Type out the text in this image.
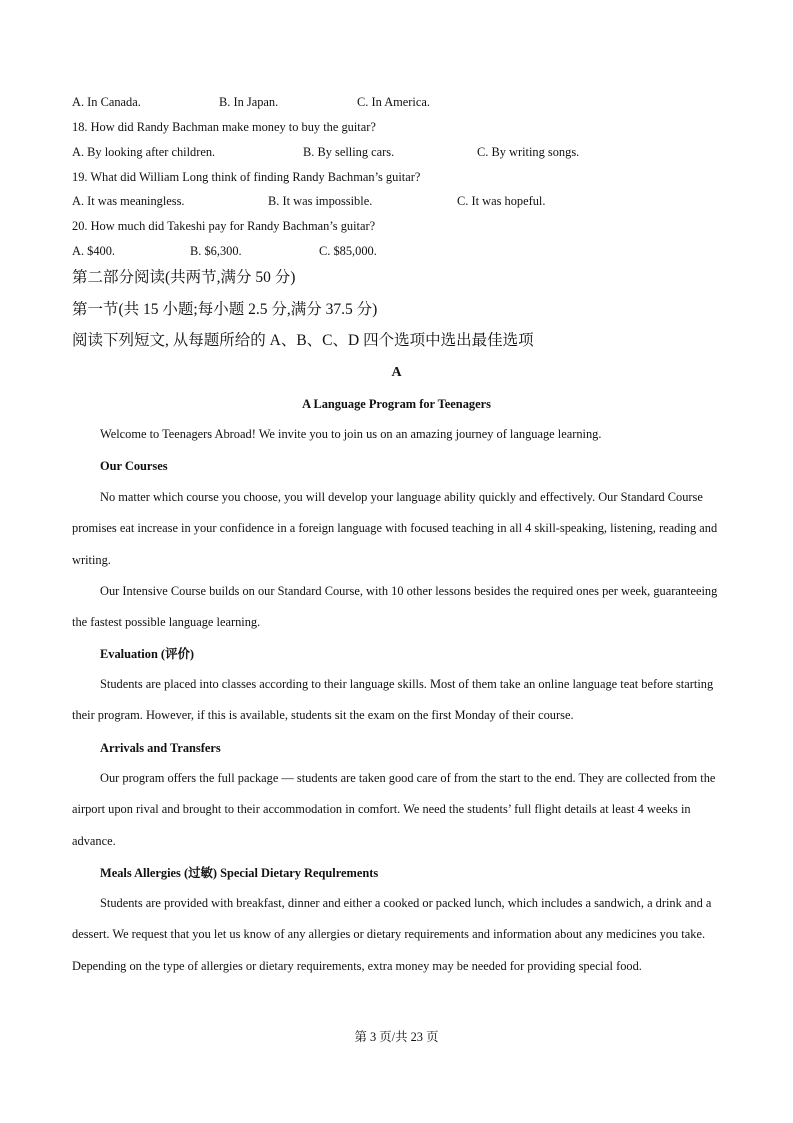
A. In Canada.	B. In Japan.	C. In America.
18. How did Randy Bachman make money to buy the guitar?
A. By looking after children.	B. By selling cars.	C. By writing songs.
19. What did William Long think of finding Randy Bachman’s guitar?
A. It was meaningless.	B. It was impossible.	C. It was hopeful.
20. How much did Takeshi pay for Randy Bachman’s guitar?
A. $400.	B. $6,300.	C. $85,000.
第二部分阅读(共两节,满分 50 分)
第一节(共 15 小题;每小题 2.5 分,满分 37.5 分)
阅读下列短文, 从每题所给的 A、B、C、D 四个选项中选出最佳选项
A
A Language Program for Teenagers

Welcome to Teenagers Abroad! We invite you to join us on an amazing journey of language learning.

Our Courses

No matter which course you choose, you will develop your language ability quickly and effectively. Our Standard Course promises eat increase in your confidence in a foreign language with focused teaching in all 4 skill-speaking, listening, reading and writing.

Our Intensive Course builds on our Standard Course, with 10 other lessons besides the required ones per week, guaranteeing the fastest possible language learning.

Evaluation (评价)

Students are placed into classes according to their language skills. Most of them take an online language teat before starting their program. However, if this is available, students sit the exam on the first Monday of their course.

Arrivals and Transfers

Our program offers the full package — students are taken good care of from the start to the end. They are collected from the airport upon rival and brought to their accommodation in comfort. We need the students’ full flight details at least 4 weeks in advance.

Meals Allergies (过敏) Special Dietary Requlrements

Students are provided with breakfast, dinner and either a cooked or packed lunch, which includes a sandwich, a drink and a dessert. We request that you let us know of any allergies or dietary requirements and information about any medicines you take. Depending on the type of allergies or dietary requirements, extra money may be needed for providing special food.

第 3 页/共 23 页
